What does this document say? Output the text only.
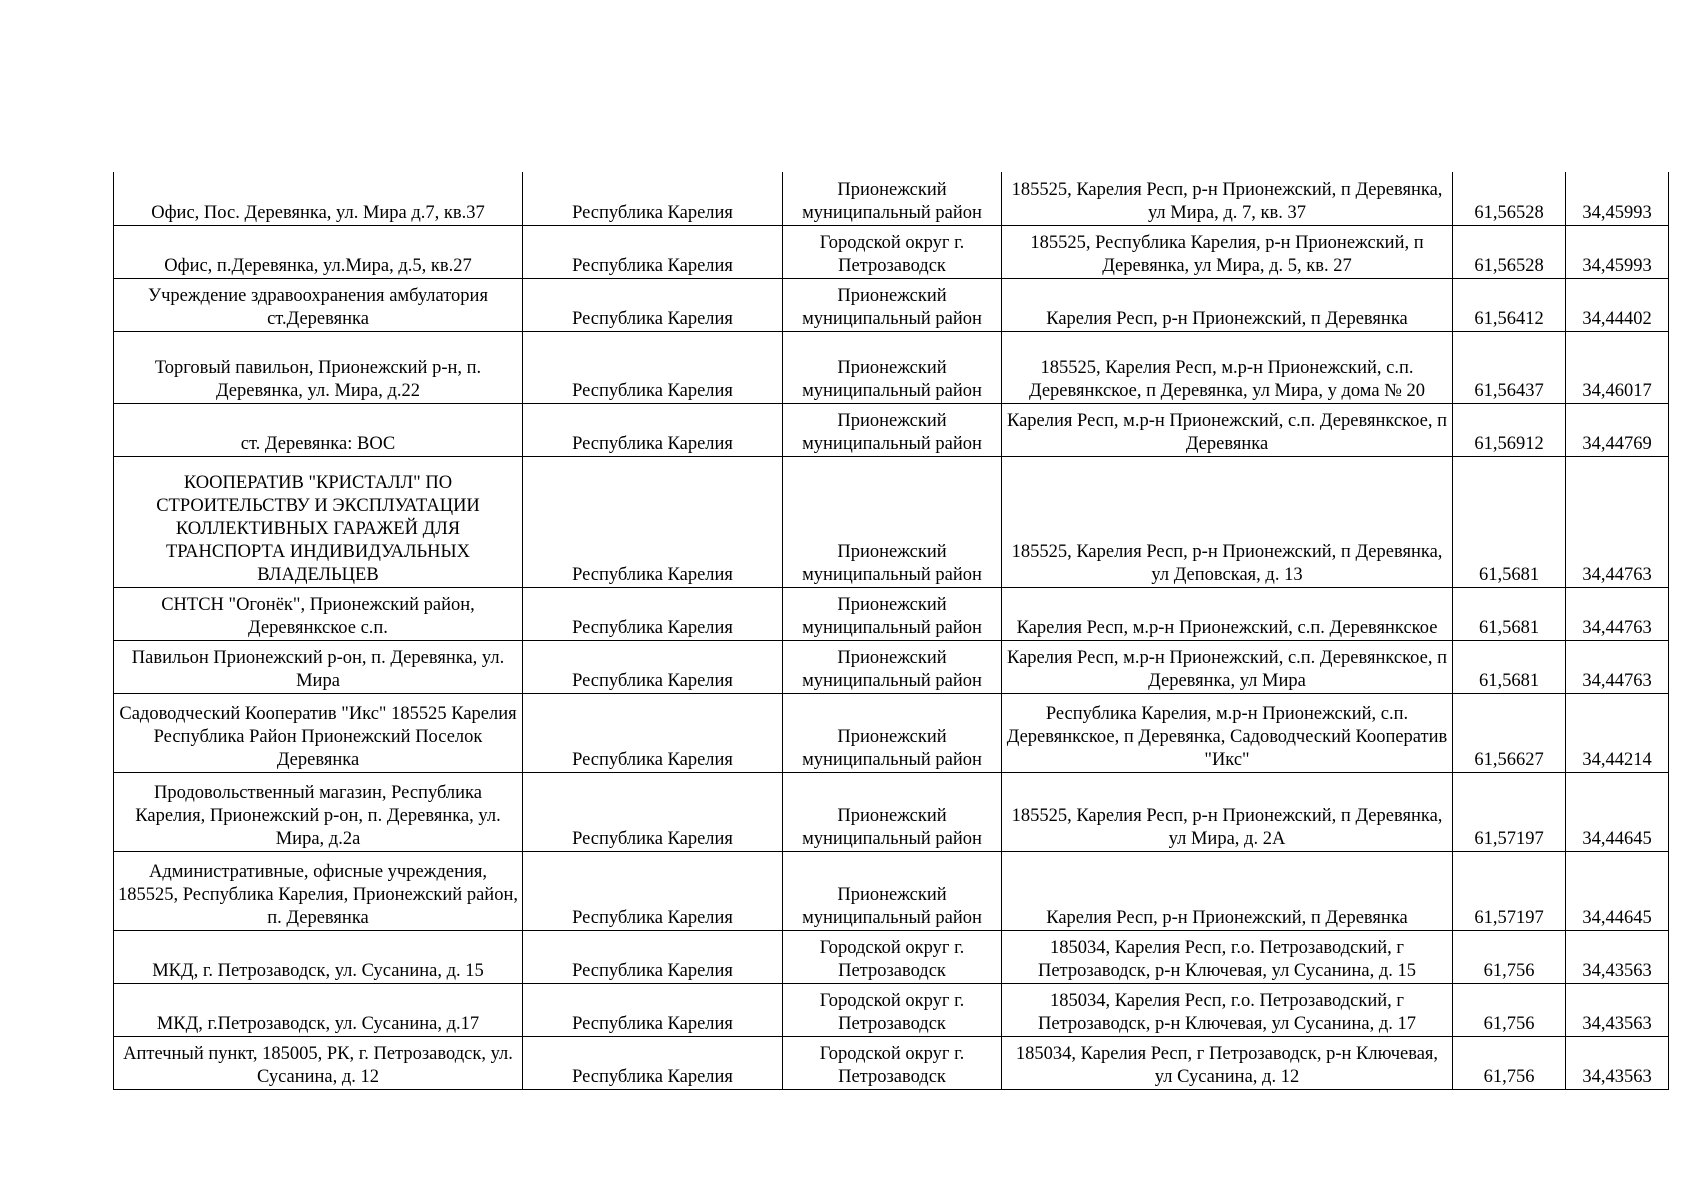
Офис, Пос. Деревянка, ул. Мира д.7, кв.37	Республика Карелия	Прионежский муниципальный район	185525, Карелия Респ, р-н Прионежский, п Деревянка, ул Мира, д. 7, кв. 37	61,56528	34,45993
Офис, п.Деревянка, ул.Мира, д.5, кв.27	Республика Карелия	Городской округ г. Петрозаводск	185525, Республика Карелия, р-н Прионежский, п Деревянка, ул Мира, д. 5, кв. 27	61,56528	34,45993
Учреждение здравоохранения амбулатория ст.Деревянка	Республика Карелия	Прионежский муниципальный район	Карелия Респ, р-н Прионежский, п Деревянка	61,56412	34,44402
Торговый павильон, Прионежский р-н, п. Деревянка, ул. Мира, д.22	Республика Карелия	Прионежский муниципальный район	185525, Карелия Респ, м.р-н Прионежский, с.п. Деревянкское, п Деревянка, ул Мира, у дома № 20	61,56437	34,46017
ст. Деревянка: ВОС	Республика Карелия	Прионежский муниципальный район	Карелия Респ, м.р-н Прионежский, с.п. Деревянкское, п Деревянка	61,56912	34,44769
КООПЕРАТИВ "КРИСТАЛЛ" ПО СТРОИТЕЛЬСТВУ И ЭКСПЛУАТАЦИИ КОЛЛЕКТИВНЫХ ГАРАЖЕЙ ДЛЯ ТРАНСПОРТА ИНДИВИДУАЛЬНЫХ ВЛАДЕЛЬЦЕВ	Республика Карелия	Прионежский муниципальный район	185525, Карелия Респ, р-н Прионежский, п Деревянка, ул Деповская, д. 13	61,5681	34,44763
СНТСН "Огонёк", Прионежский район, Деревянкское с.п.	Республика Карелия	Прионежский муниципальный район	Карелия Респ, м.р-н Прионежский, с.п. Деревянкское	61,5681	34,44763
Павильон Прионежский р-он, п. Деревянка, ул. Мира	Республика Карелия	Прионежский муниципальный район	Карелия Респ, м.р-н Прионежский, с.п. Деревянкское, п Деревянка, ул Мира	61,5681	34,44763
Садоводческий Кооператив "Икс" 185525 Карелия Республика Район Прионежский Поселок Деревянка	Республика Карелия	Прионежский муниципальный район	Республика Карелия, м.р-н Прионежский, с.п. Деревянкское, п Деревянка, Садоводческий Кооператив "Икс"	61,56627	34,44214
Продовольственный магазин, Республика Карелия, Прионежский р-он, п. Деревянка, ул. Мира, д.2а	Республика Карелия	Прионежский муниципальный район	185525, Карелия Респ, р-н Прионежский, п Деревянка, ул Мира, д. 2А	61,57197	34,44645
Административные, офисные учреждения, 185525, Республика Карелия, Прионежский район, п. Деревянка	Республика Карелия	Прионежский муниципальный район	Карелия Респ, р-н Прионежский, п Деревянка	61,57197	34,44645
МКД, г. Петрозаводск, ул. Сусанина, д. 15	Республика Карелия	Городской округ г. Петрозаводск	185034, Карелия Респ, г.о. Петрозаводский, г Петрозаводск, р-н Ключевая, ул Сусанина, д. 15	61,756	34,43563
МКД, г.Петрозаводск, ул. Сусанина, д.17	Республика Карелия	Городской округ г. Петрозаводск	185034, Карелия Респ, г.о. Петрозаводский, г Петрозаводск, р-н Ключевая, ул Сусанина, д. 17	61,756	34,43563
Аптечный пункт, 185005, РК, г. Петрозаводск, ул. Сусанина, д. 12	Республика Карелия	Городской округ г. Петрозаводск	185034, Карелия Респ, г Петрозаводск, р-н Ключевая, ул Сусанина, д. 12	61,756	34,43563
